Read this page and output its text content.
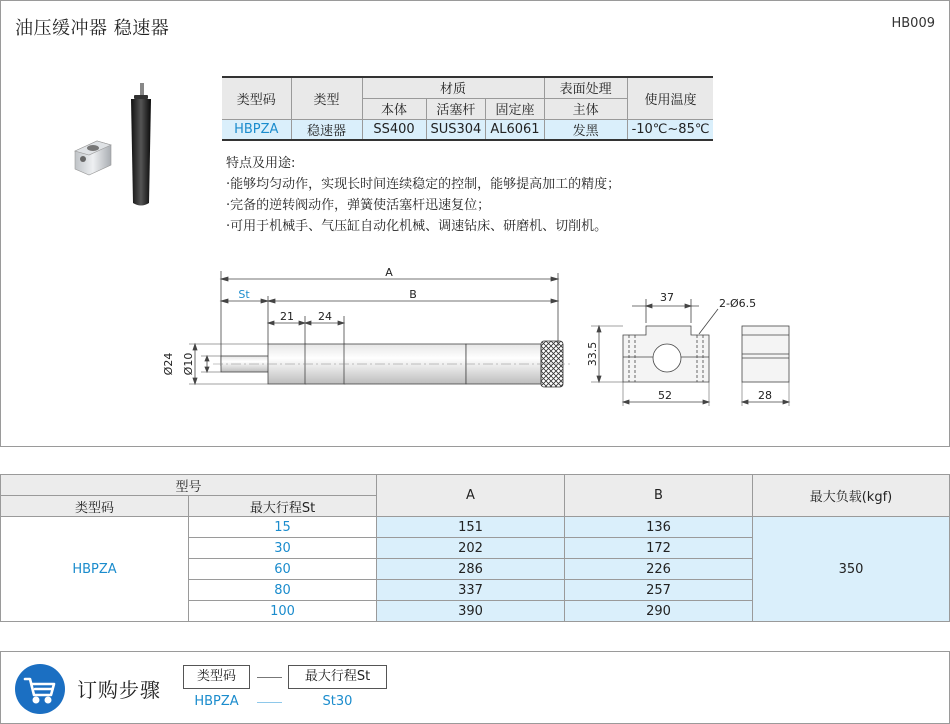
油压缓冲器 稳速器	HB009
类型码	类型	材质			表面处理	使用温度
		本体	活塞杆	固定座	主体	
HBPZA	稳速器	SS400	SUS304	AL6061	发黑	-10℃~85℃
特点及用途:
·能够均匀动作，实现长时间连续稳定的控制，能够提高加工的精度；
·完备的逆转阀动作，弹簧使活塞杆迅速复位；
·可用于机械手、气压缸自动化机械、调速钻床、研磨机、切削机。
A
St	B
21 24
Ø24 Ø10
37	2-Ø6.5
33.5
52	28
型号		A	B	最大负载(kgf)
类型码	最大行程St			
HBPZA	15	151	136	350
	30	202	172	
	60	286	226	
	80	337	257	
	100	390	290	
订购步骤
类型码	最大行程St
HBPZA	St30
